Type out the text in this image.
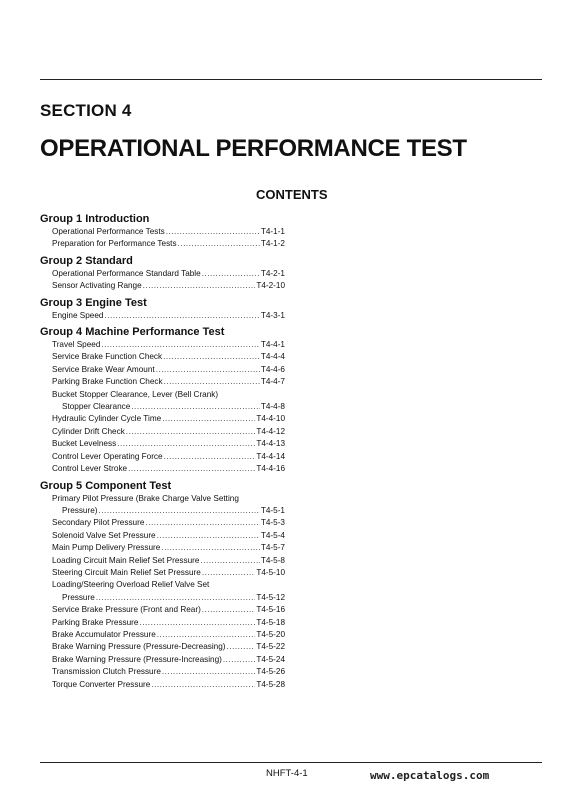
SECTION 4
OPERATIONAL PERFORMANCE TEST
CONTENTS
Group 1 Introduction
Operational Performance Tests .....	T4-1-1
Preparation for Performance Tests .....	T4-1-2
Group 2 Standard
Operational Performance Standard Table .....	T4-2-1
Sensor Activating Range .....	T4-2-10
Group 3 Engine Test
Engine Speed .....	T4-3-1
Group 4 Machine Performance Test
Travel Speed .....	T4-4-1
Service Brake Function Check .....	T4-4-4
Service Brake Wear Amount .....	T4-4-6
Parking Brake Function Check .....	T4-4-7
Bucket Stopper Clearance, Lever (Bell Crank)
Stopper Clearance .....	T4-4-8
Hydraulic Cylinder Cycle Time .....	T4-4-10
Cylinder Drift Check .....	T4-4-12
Bucket Levelness .....	T4-4-13
Control Lever Operating Force .....	T4-4-14
Control Lever Stroke .....	T4-4-16
Group 5 Component Test
Primary Pilot Pressure (Brake Charge Valve Setting
Pressure) .....	T4-5-1
Secondary Pilot Pressure .....	T4-5-3
Solenoid Valve Set Pressure .....	T4-5-4
Main Pump Delivery Pressure .....	T4-5-7
Loading Circuit Main Relief Set Pressure .....	T4-5-8
Steering Circuit Main Relief Set Pressure .....	T4-5-10
Loading/Steering Overload Relief Valve Set
Pressure .....	T4-5-12
Service Brake Pressure (Front and Rear) .....	T4-5-16
Parking Brake Pressure .....	T4-5-18
Brake Accumulator Pressure .....	T4-5-20
Brake Warning Pressure (Pressure-Decreasing) .....	T4-5-22
Brake Warning Pressure (Pressure-Increasing) .....	T4-5-24
Transmission Clutch Pressure .....	T4-5-26
Torque Converter Pressure .....	T4-5-28
NHFT-4-1	www.epcatalogs.com
